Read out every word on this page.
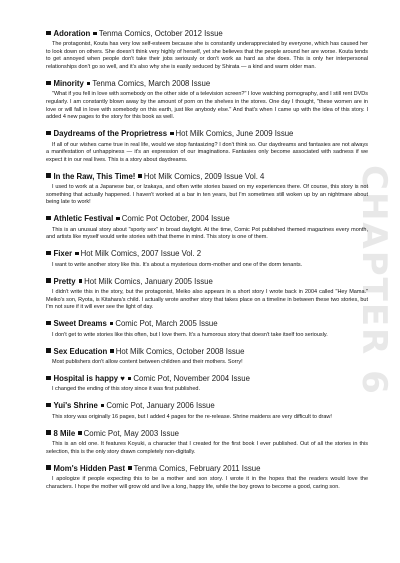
CHAPTER 6
Adoration Tenma Comics, October 2012 Issue
The protagonist, Kouta has very low self-esteem because she is constantly underappreciated by everyone, which has caused her to look down on others. She doesn't think very highly of herself, yet she believes that the people around her are worse. Kouta tends to get annoyed when people don't take their jobs seriously or don't work as hard as she does. This is only her interpersonal relationships don't go so well, and it's also why she is easily seduced by Shirata — a kind and warm older man.
Minority Tenma Comics, March 2008 Issue
"What if you fell in love with somebody on the other side of a television screen?" I love watching pornography, and I still rent DVDs regularly. I am constantly blown away by the amount of porn on the shelves in the stores. One day I thought, "these women are in love or will fall in love with somebody on this earth, just like anybody else." And that's when I came up with the idea of this story. I added 4 new pages to the story for this book as well.
Daydreams of the Proprietress Hot Milk Comics, June 2009 Issue
If all of our wishes came true in real life, would we stop fantasizing? I don't think so. Our daydreams and fantasies are not always a manifestation of unhappiness — it's an expression of our imaginations. Fantasies only become associated with sadness if we expect it in our real lives. This is a story about daydreams.
In the Raw, This Time! Hot Milk Comics, 2009 Issue Vol. 4
I used to work at a Japanese bar, or Izakaya, and often write stories based on my experiences there. Of course, this story is not something that actually happened. I haven't worked at a bar in ten years, but I'm sometimes still woken up by an nightmare about being late to work!
Athletic Festival Comic Pot October, 2004 Issue
This is an unusual story about "sporty sex" in broad daylight. At the time, Comic Pot published themed magazines every month, and artists like myself would write stories with that theme in mind. This story is one of them.
Fixer Hot Milk Comics, 2007 Issue Vol. 2
I want to write another story like this. It's about a mysterious dorm-mother and one of the dorm tenants.
Pretty Hot Milk Comics, January 2005 Issue
I didn't write this in the story, but the protagonist, Meiko also appears in a short story I wrote back in 2004 called "Hey Mama." Meiko's son, Ryota, is Kitahara's child. I actually wrote another story that takes place on a timeline in between these two stories, but I'm not sure if it will ever see the light of day.
Sweet Dreams Comic Pot, March 2005 Issue
I don't get to write stories like this often, but I love them. It's a humorous story that doesn't take itself too seriously.
Sex Education Hot Milk Comics, October 2008 Issue
Most publishers don't allow content between children and their mothers. Sorry!
Hospital is happy ♥ Comic Pot, November 2004 Issue
I changed the ending of this story since it was first published.
Yui's Shrine Comic Pot, January 2006 Issue
This story was originally 16 pages, but I added 4 pages for the re-release. Shrine maidens are very difficult to draw!
8 Mile Comic Pot, May 2003 Issue
This is an old one. It features Koyuki, a character that I created for the first book I ever published. Out of all the stories in this selection, this is the only story drawn completely non-digitally.
Mom's Hidden Past Tenma Comics, February 2011 Issue
I apologize if people expecting this to be a mother and son story. I wrote it in the hopes that the readers would love the characters. I hope the mother will grow old and live a long, happy life, while the boy grows to become a good, caring son.
